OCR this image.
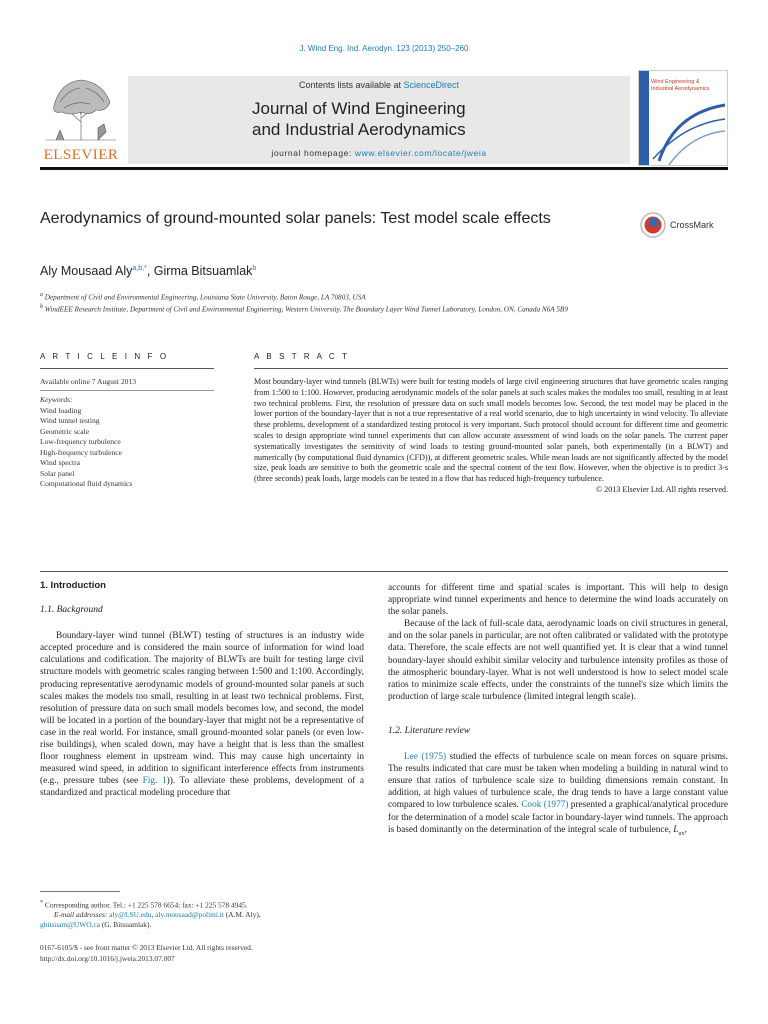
J. Wind Eng. Ind. Aerodyn. 123 (2013) 250–260
ELSEVIER
Contents lists available at ScienceDirect
Journal of Wind Engineering
and Industrial Aerodynamics
journal homepage: www.elsevier.com/locate/jweia
Wind Engineering &
Industrial Aerodynamics
Aerodynamics of ground-mounted solar panels: Test model scale effects	CrossMark
Aly Mousaad Aly$^{a,b,*}$, Girma Bitsuamlak$^b$
$^a$ Department of Civil and Environmental Engineering, Louisiana State University, Baton Rouge, LA 70803, USA
$^b$ WindEEE Research Institute, Department of Civil and Environmental Engineering, Western University, The Boundary Layer Wind Tunnel Laboratory, London, ON, Canada N6A 5B9
A R T I C L E I N F O	A B S T R A C T
Available online 7 August 2013
Keywords:
Wind loading
Wind tunnel testing
Geometric scale
Low-frequency turbulence
High-frequency turbulence
Wind spectra
Solar panel
Computational fluid dynamics
Most boundary-layer wind tunnels (BLWTs) were built for testing models of large civil engineering structures that have geometric scales ranging from 1:500 to 1:100. However, producing aerodynamic models of the solar panels at such scales makes the modules too small, resulting in at least two technical problems. First, the resolution of pressure data on such small models becomes low. Second, the test model may be placed in the lower portion of the boundary-layer that is not a true representative of a real world scenario, due to high uncertainty in wind velocity. To alleviate these problems, development of a standardized testing protocol is very important. Such protocol should account for different time and geometric scales to design appropriate wind tunnel experiments that can allow accurate assessment of wind loads on the solar panels. The current paper systematically investigates the sensitivity of wind loads to testing ground-mounted solar panels, both experimentally (in a BLWT) and numerically (by computational fluid dynamics (CFD)), at different geometric scales. While mean loads are not significantly affected by the model size, peak loads are sensitive to both the geometric scale and the spectral content of the test flow. However, when the objective is to predict 3-s (three seconds) peak loads, large models can be tested in a flow that has reduced high-frequency turbulence.
© 2013 Elsevier Ltd. All rights reserved.
1. Introduction
1.1. Background

Boundary-layer wind tunnel (BLWT) testing of structures is an industry wide accepted procedure and is considered the main source of information for wind load calculations and codification. The majority of BLWTs are built for testing large civil structure models with geometric scales ranging between 1:500 and 1:100. Accordingly, producing representative aerodynamic models of ground-mounted solar panels at such scales makes the models too small, resulting in at least two technical problems. First, resolution of pressure data on such small models becomes low, and second, the model will be located in a portion of the boundary-layer that might not be a representative of case in the real world. For instance, small ground-mounted solar panels (or even low-rise buildings), when scaled down, may have a height that is less than the smallest floor roughness element in upstream wind. This may cause high uncertainty in measured wind speed, in addition to significant interference effects from instruments (e.g., pressure tubes (see Fig. 1)). To alleviate these problems, development of a standardized and practical modeling procedure that

accounts for different time and spatial scales is important. This will help to design appropriate wind tunnel experiments and hence to determine the wind loads accurately on the solar panels.

Because of the lack of full-scale data, aerodynamic loads on civil structures in general, and on the solar panels in particular, are not often calibrated or validated with the prototype data. Therefore, the scale effects are not well quantified yet. It is clear that a wind tunnel boundary-layer should exhibit similar velocity and turbulence intensity profiles as those of the atmospheric boundary-layer. What is not well understood is how to select model scale ratios to minimize scale effects, under the constraints of the tunnel's size which limits the production of large scale turbulence (limited integral length scale).

1.2. Literature review

Lee (1975) studied the effects of turbulence scale on mean forces on square prisms. The results indicated that care must be taken when modeling a building in natural wind to ensure that ratios of turbulence scale size to building dimensions remain constant. In addition, at high values of turbulence scale, the drag tends to have a large constant value compared to low turbulence scales. Cook (1977) presented a graphical/analytical procedure for the determination of a model scale factor in boundary-layer wind tunnels. The approach is based dominantly on the determination of the integral scale of turbulence, $L_{ux}$,

* Corresponding author. Tel.: +1 225 578 6654; fax: +1 225 578 4945.
E-mail addresses: aly@LSU.edu, aly.mousaad@polimi.it (A.M. Aly),
gbitsuam@UWO.ca (G. Bitsuamlak).
0167-6105/$ - see front matter © 2013 Elsevier Ltd. All rights reserved.
http://dx.doi.org/10.1016/j.jweia.2013.07.007
